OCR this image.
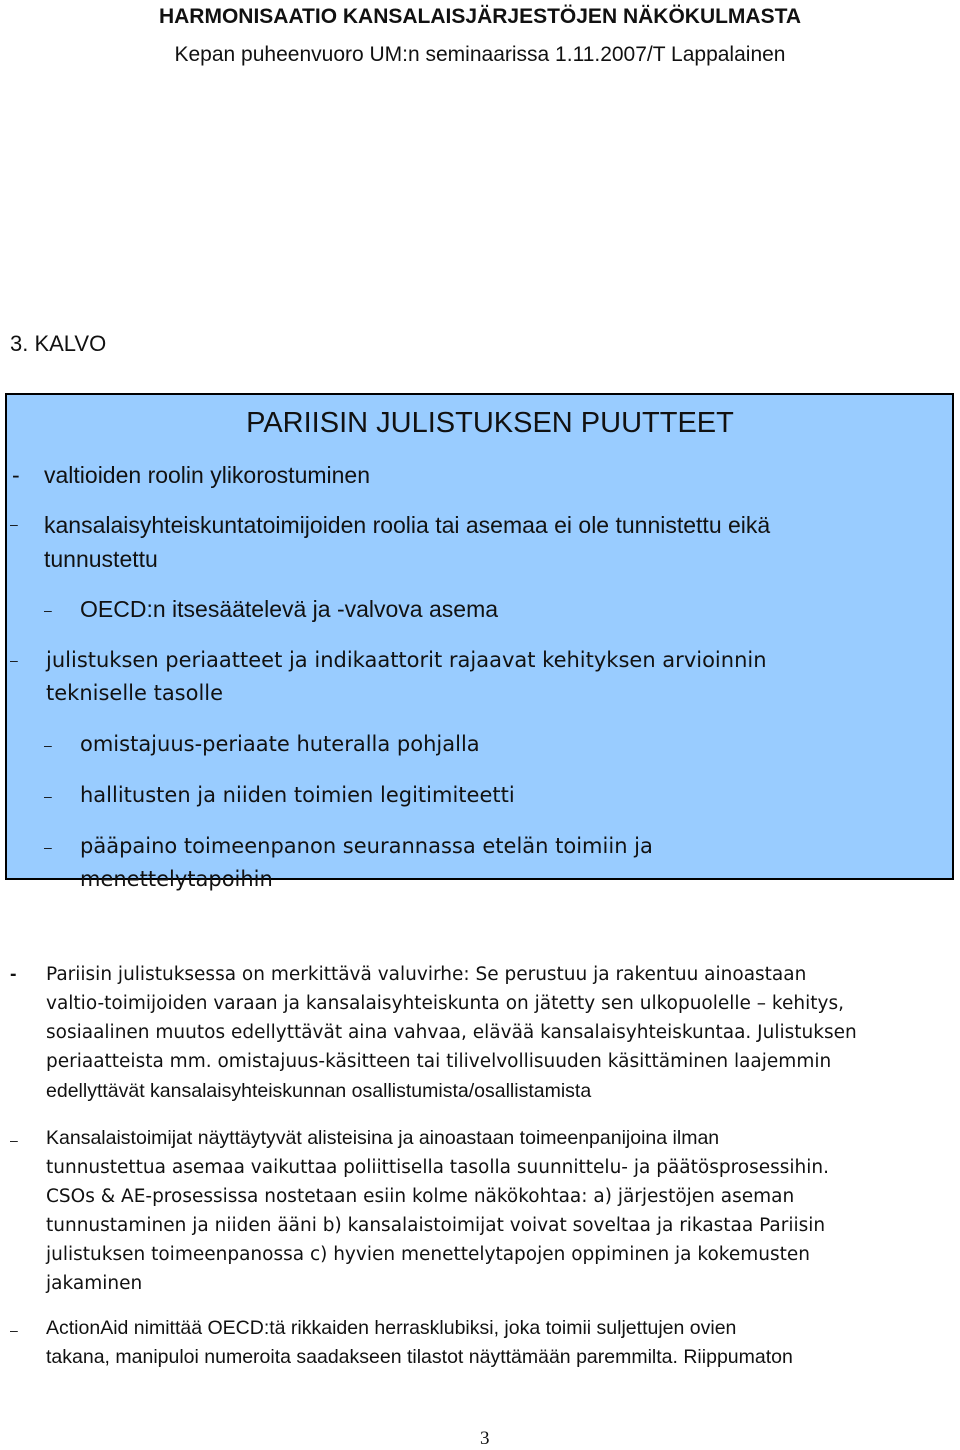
HARMONISAATIO KANSALAISJÄRJESTÖJEN NÄKÖKULMASTA
Kepan puheenvuoro UM:n seminaarissa 1.11.2007/T Lappalainen
3. KALVO
PARIISIN JULISTUKSEN PUUTTEET
- valtioiden roolin ylikorostuminen
– kansalaisyhteiskuntatoimijoiden roolia tai asemaa ei ole tunnistettu eikä
tunnustettu
– OECD:n itsesäätelevä ja -valvova asema
– julistuksen periaatteet ja indikaattorit rajaavat kehityksen arvioinnin
tekniselle tasolle
– omistajuus-periaate huteralla pohjalla
– hallitusten ja niiden toimien legitimiteetti
– pääpaino toimeenpanon seurannassa etelän toimiin ja
menettelytapoihin
- Pariisin julistuksessa on merkittävä valuvirhe: Se perustuu ja rakentuu ainoastaan
valtio-toimijoiden varaan ja kansalaisyhteiskunta on jätetty sen ulkopuolelle – kehitys,
sosiaalinen muutos edellyttävät aina vahvaa, elävää kansalaisyhteiskuntaa. Julistuksen
periaatteista mm. omistajuus-käsitteen tai tilivelvollisuuden käsittäminen laajemmin
edellyttävät kansalaisyhteiskunnan osallistumista/osallistamista
– Kansalaistoimijat näyttäytyvät alisteisina ja ainoastaan toimeenpanijoina ilman
tunnustettua asemaa vaikuttaa poliittisella tasolla suunnittelu- ja päätösprosessihin.
CSOs & AE-prosessissa nostetaan esiin kolme näkökohtaa: a) järjestöjen aseman
tunnustaminen ja niiden ääni b) kansalaistoimijat voivat soveltaa ja rikastaa Pariisin
julistuksen toimeenpanossa c) hyvien menettelytapojen oppiminen ja kokemusten
jakaminen
– ActionAid nimittää OECD:tä rikkaiden herrasklubiksi, joka toimii suljettujen ovien
takana, manipuloi numeroita saadakseen tilastot näyttämään paremmilta. Riippumaton
3
